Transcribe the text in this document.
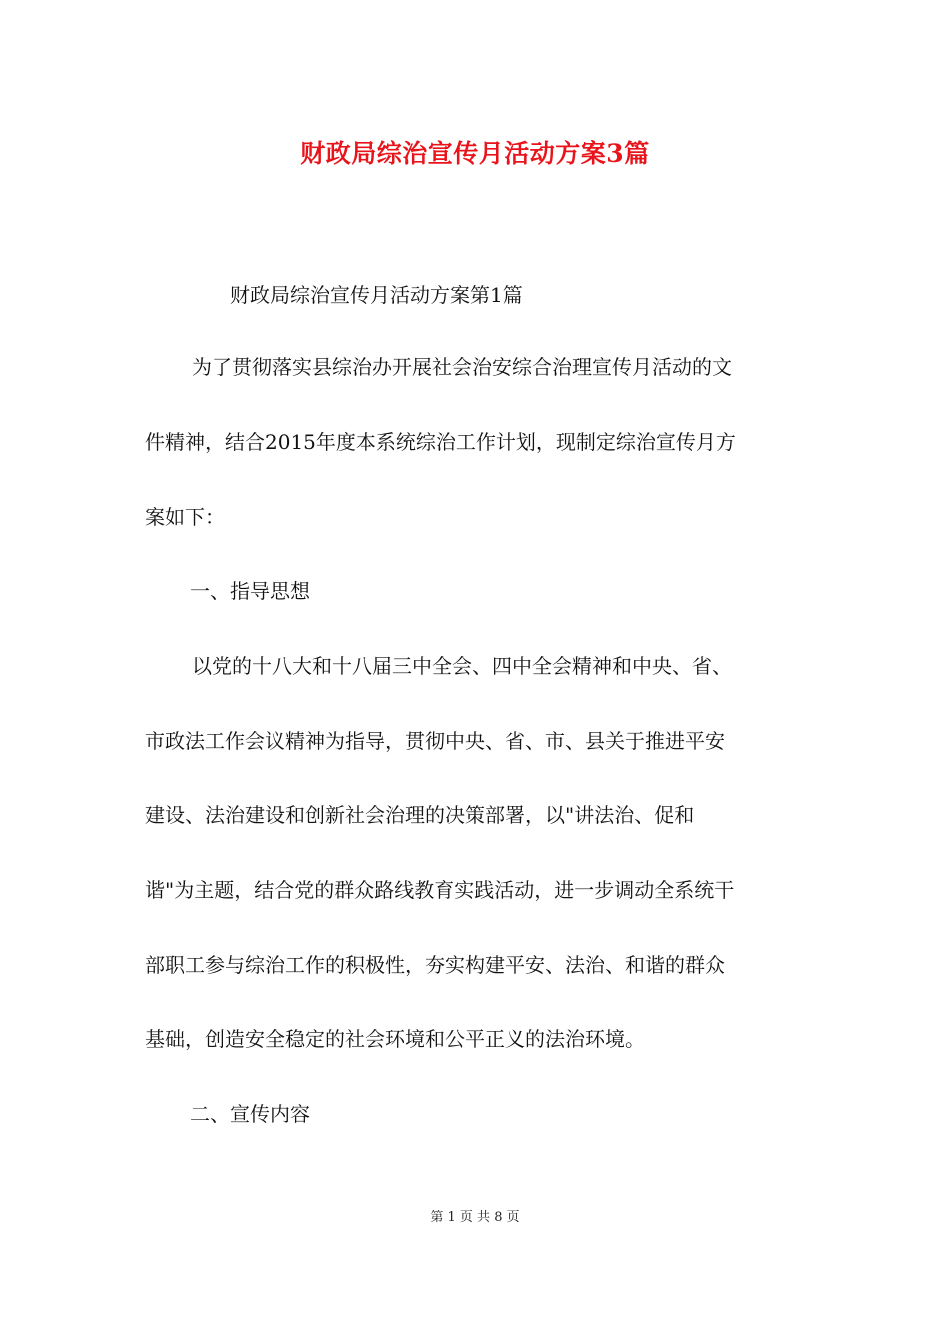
财政局综治宣传月活动方案3篇
财政局综治宣传月活动方案第1篇
为了贯彻落实县综治办开展社会治安综合治理宣传月活动的文
件精神，结合2015年度本系统综治工作计划，现制定综治宣传月方
案如下：
一、指导思想
以党的十八大和十八届三中全会、四中全会精神和中央、省、
市政法工作会议精神为指导，贯彻中央、省、市、县关于推进平安
建设、法治建设和创新社会治理的决策部署，以"讲法治、促和
谐"为主题，结合党的群众路线教育实践活动，进一步调动全系统干
部职工参与综治工作的积极性，夯实构建平安、法治、和谐的群众
基础，创造安全稳定的社会环境和公平正义的法治环境。
二、宣传内容
第 1 页 共 8 页
